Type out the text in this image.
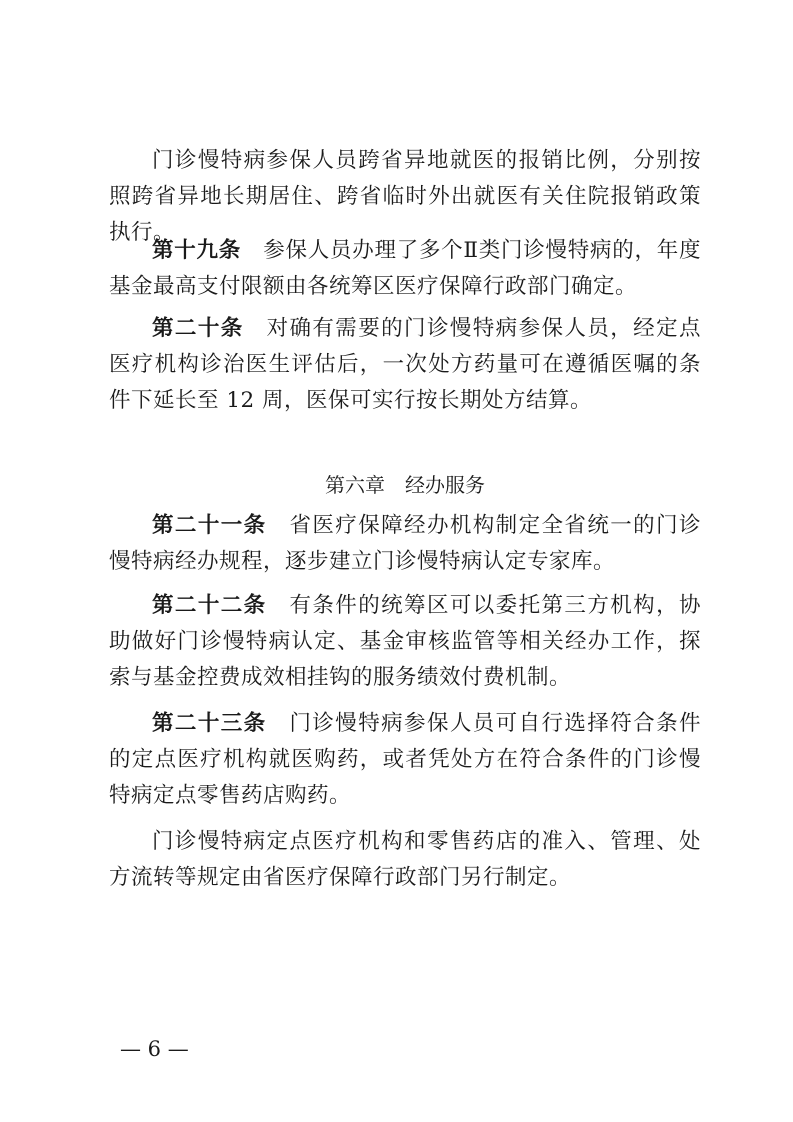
门诊慢特病参保人员跨省异地就医的报销比例，分别按照跨省异地长期居住、跨省临时外出就医有关住院报销政策执行。
第十九条  参保人员办理了多个Ⅱ类门诊慢特病的，年度基金最高支付限额由各统筹区医疗保障行政部门确定。
第二十条  对确有需要的门诊慢特病参保人员，经定点医疗机构诊治医生评估后，一次处方药量可在遵循医嘱的条件下延长至 12 周，医保可实行按长期处方结算。
第六章　经办服务
第二十一条  省医疗保障经办机构制定全省统一的门诊慢特病经办规程，逐步建立门诊慢特病认定专家库。
第二十二条  有条件的统筹区可以委托第三方机构，协助做好门诊慢特病认定、基金审核监管等相关经办工作，探索与基金控费成效相挂钩的服务绩效付费机制。
第二十三条  门诊慢特病参保人员可自行选择符合条件的定点医疗机构就医购药，或者凭处方在符合条件的门诊慢特病定点零售药店购药。
门诊慢特病定点医疗机构和零售药店的准入、管理、处方流转等规定由省医疗保障行政部门另行制定。
— 6 —
